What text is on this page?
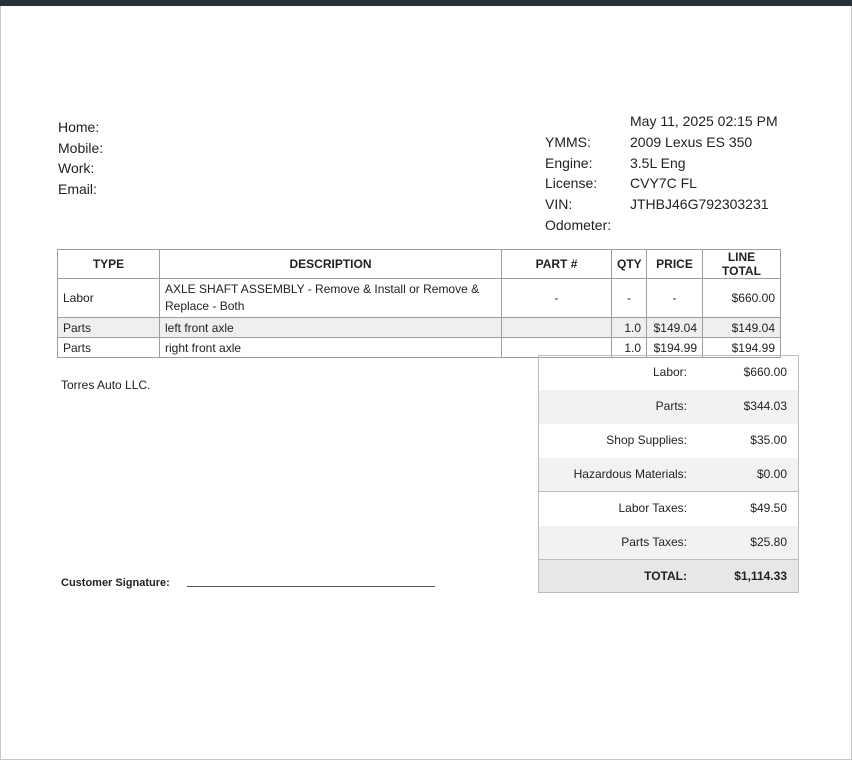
Home:
Mobile:
Work:
Email:
May 11, 2025 02:15 PM
YMMS:	2009 Lexus ES 350
Engine:	3.5L Eng
License: CVY7C FL
VIN:	JTHBJ46G792303231
Odometer:
TYPE	DESCRIPTION	PART #	QTY	PRICE	LINE TOTAL
Labor	AXLE SHAFT ASSEMBLY - Remove & Install or Remove & Replace - Both	-	-	-	$660.00
Parts	left front axle		1.0	$149.04	$149.04
Parts	right front axle		1.0	$194.99	$194.99
Torres Auto LLC.
Customer Signature:
Labor:	$660.00
Parts:	$344.03
Shop Supplies:	$35.00
Hazardous Materials:	$0.00
Labor Taxes:	$49.50
Parts Taxes:	$25.80
TOTAL:	$1,114.33
